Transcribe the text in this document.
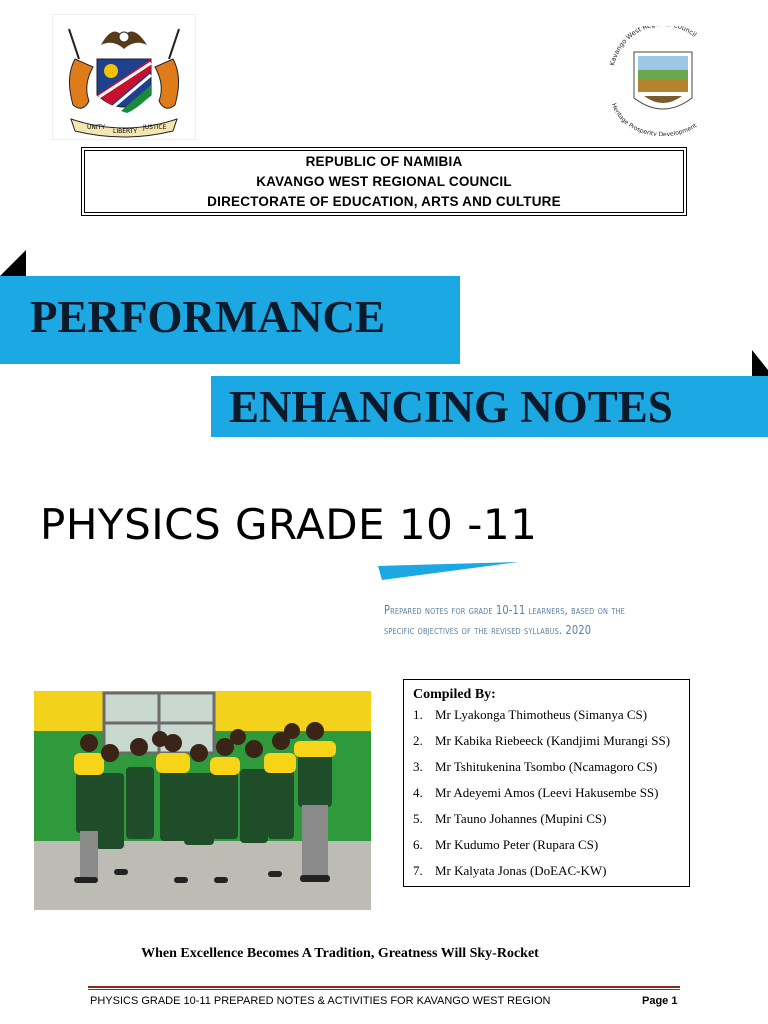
UNITY
LIBERTY
JUSTICE
Kavango West R ouncil
Heritage Prosperity Development
REPUBLIC OF NAMIBIA
KAVANGO WEST REGIONAL COUNCIL
DIRECTORATE OF EDUCATION, ARTS AND CULTURE
PERFORMANCE
ENHANCING NOTES
PHYSICS GRADE 10 -11
Prepared notes for grade 10-11 learners, based on the
specific objectives of the revised syllabus. 2020
Compiled By:
1. Mr Lyakonga Thimotheus (Simanya CS)
2. Mr Kabika Riebeeck (Kandjimi Murangi SS)
3. Mr Tshitukenina Tsombo (Ncamagoro CS)
4. Mr Adeyemi Amos (Leevi Hakusembe SS)
5. Mr Tauno Johannes (Mupini CS)
6. Mr Kudumo Peter (Rupara CS)
7. Mr Kalyata Jonas (DoEAC-KW)
When Excellence Becomes A Tradition, Greatness Will Sky-Rocket
PHYSICS GRADE 10-11 PREPARED NOTES & ACTIVITIES FOR KAVANGO WEST REGION	Page 1
